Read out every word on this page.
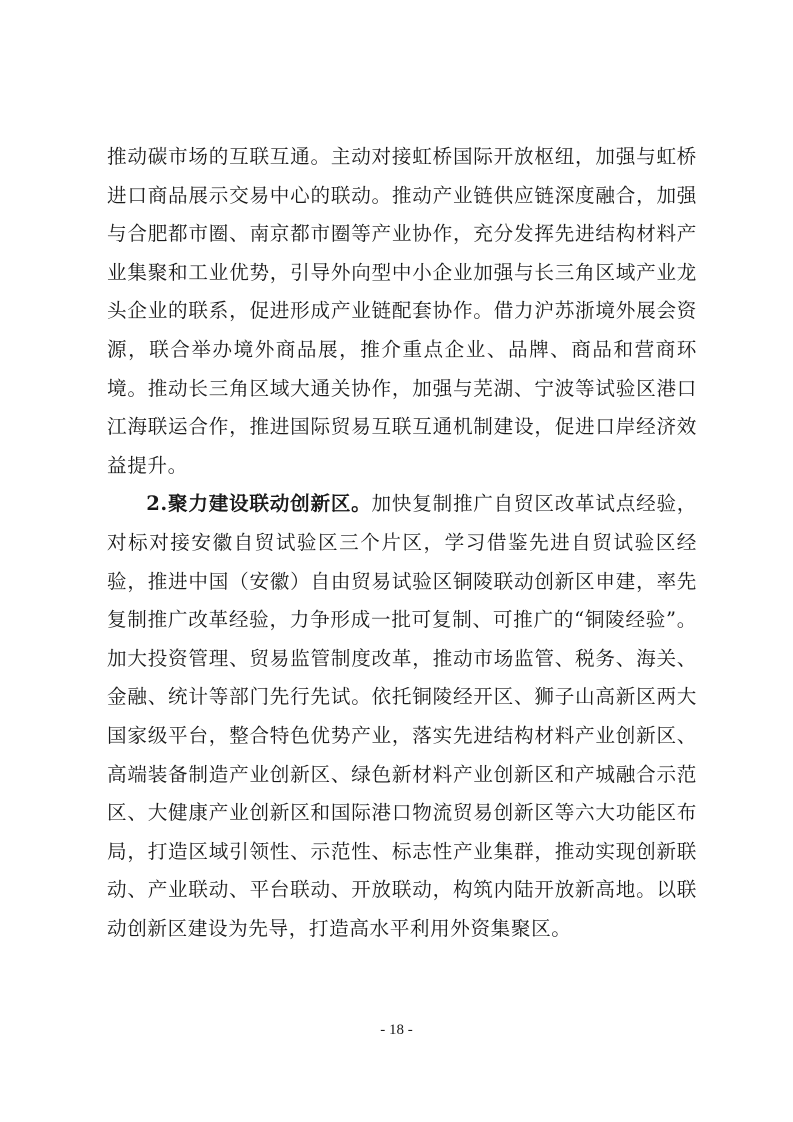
推动碳市场的互联互通。主动对接虹桥国际开放枢纽，加强与虹桥进口商品展示交易中心的联动。推动产业链供应链深度融合，加强与合肥都市圈、南京都市圈等产业协作，充分发挥先进结构材料产业集聚和工业优势，引导外向型中小企业加强与长三角区域产业龙头企业的联系，促进形成产业链配套协作。借力沪苏浙境外展会资源，联合举办境外商品展，推介重点企业、品牌、商品和营商环境。推动长三角区域大通关协作，加强与芜湖、宁波等试验区港口江海联运合作，推进国际贸易互联互通机制建设，促进口岸经济效益提升。

2.聚力建设联动创新区。加快复制推广自贸区改革试点经验，对标对接安徽自贸试验区三个片区，学习借鉴先进自贸试验区经验，推进中国（安徽）自由贸易试验区铜陵联动创新区申建，率先复制推广改革经验，力争形成一批可复制、可推广的“铜陵经验”。加大投资管理、贸易监管制度改革，推动市场监管、税务、海关、金融、统计等部门先行先试。依托铜陵经开区、狮子山高新区两大国家级平台，整合特色优势产业，落实先进结构材料产业创新区、高端装备制造产业创新区、绿色新材料产业创新区和产城融合示范区、大健康产业创新区和国际港口物流贸易创新区等六大功能区布局，打造区域引领性、示范性、标志性产业集群，推动实现创新联动、产业联动、平台联动、开放联动，构筑内陆开放新高地。以联动创新区建设为先导，打造高水平利用外资集聚区。

- 18 -
